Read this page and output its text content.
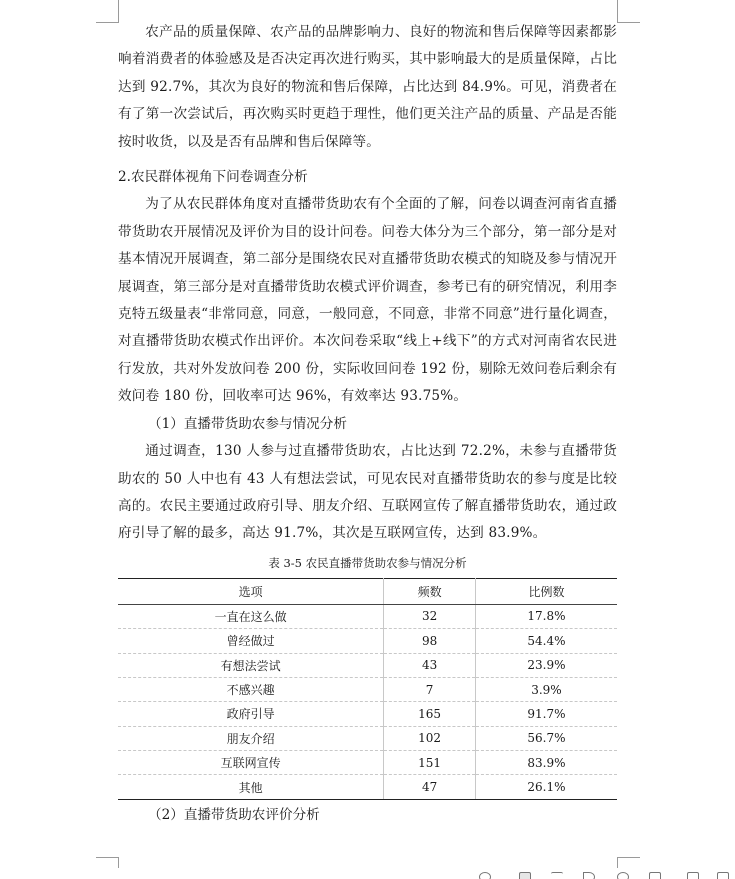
农产品的质量保障、农产品的品牌影响力、良好的物流和售后保障等因素都影响着消费者的体验感及是否决定再次进行购买，其中影响最大的是质量保障，占比达到 92.7%，其次为良好的物流和售后保障，占比达到 84.9%。可见，消费者在有了第一次尝试后，再次购买时更趋于理性，他们更关注产品的质量、产品是否能按时收货，以及是否有品牌和售后保障等。

2.农民群体视角下问卷调查分析

为了从农民群体角度对直播带货助农有个全面的了解，问卷以调查河南省直播带货助农开展情况及评价为目的设计问卷。问卷大体分为三个部分，第一部分是对基本情况开展调查，第二部分是围绕农民对直播带货助农模式的知晓及参与情况开展调查，第三部分是对直播带货助农模式评价调查，参考已有的研究情况，利用李克特五级量表“非常同意，同意，一般同意，不同意，非常不同意”进行量化调查，对直播带货助农模式作出评价。本次问卷采取“线上+线下”的方式对河南省农民进行发放，共对外发放问卷 200 份，实际收回问卷 192 份，剔除无效问卷后剩余有效问卷 180 份，回收率可达 96%，有效率达 93.75%。

（1）直播带货助农参与情况分析

通过调查，130 人参与过直播带货助农，占比达到 72.2%，未参与直播带货助农的 50 人中也有 43 人有想法尝试，可见农民对直播带货助农的参与度是比较高的。农民主要通过政府引导、朋友介绍、互联网宣传了解直播带货助农，通过政府引导了解的最多，高达 91.7%，其次是互联网宣传，达到 83.9%。

表 3-5 农民直播带货助农参与情况分析

选项	频数	比例数
一直在这么做	32	17.8%
曾经做过	98	54.4%
有想法尝试	43	23.9%
不感兴趣	7	3.9%
政府引导	165	91.7%
朋友介绍	102	56.7%
互联网宣传	151	83.9%
其他	47	26.1%

（2）直播带货助农评价分析
